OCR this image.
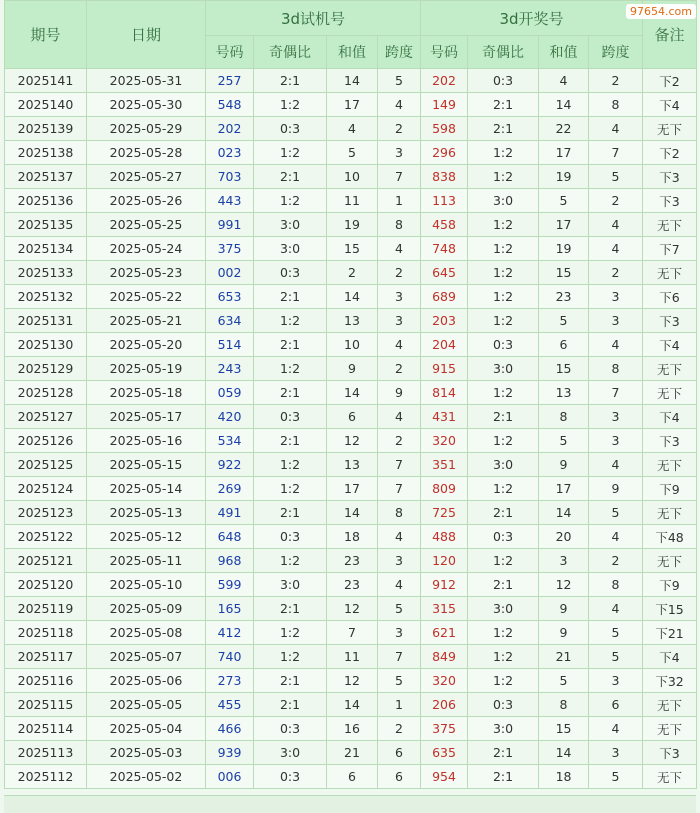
期号	日期	3d试机号				3d开奖号				备注
		号码	奇偶比	和值	跨度	号码	奇偶比	和值	跨度	
2025141	2025-05-31	257	2:1	14	5	202	0:3	4	2	下2
2025140	2025-05-30	548	1:2	17	4	149	2:1	14	8	下4
2025139	2025-05-29	202	0:3	4	2	598	2:1	22	4	无下
2025138	2025-05-28	023	1:2	5	3	296	1:2	17	7	下2
2025137	2025-05-27	703	2:1	10	7	838	1:2	19	5	下3
2025136	2025-05-26	443	1:2	11	1	113	3:0	5	2	下3
2025135	2025-05-25	991	3:0	19	8	458	1:2	17	4	无下
2025134	2025-05-24	375	3:0	15	4	748	1:2	19	4	下7
2025133	2025-05-23	002	0:3	2	2	645	1:2	15	2	无下
2025132	2025-05-22	653	2:1	14	3	689	1:2	23	3	下6
2025131	2025-05-21	634	1:2	13	3	203	1:2	5	3	下3
2025130	2025-05-20	514	2:1	10	4	204	0:3	6	4	下4
2025129	2025-05-19	243	1:2	9	2	915	3:0	15	8	无下
2025128	2025-05-18	059	2:1	14	9	814	1:2	13	7	无下
2025127	2025-05-17	420	0:3	6	4	431	2:1	8	3	下4
2025126	2025-05-16	534	2:1	12	2	320	1:2	5	3	下3
2025125	2025-05-15	922	1:2	13	7	351	3:0	9	4	无下
2025124	2025-05-14	269	1:2	17	7	809	1:2	17	9	下9
2025123	2025-05-13	491	2:1	14	8	725	2:1	14	5	无下
2025122	2025-05-12	648	0:3	18	4	488	0:3	20	4	下48
2025121	2025-05-11	968	1:2	23	3	120	1:2	3	2	无下
2025120	2025-05-10	599	3:0	23	4	912	2:1	12	8	下9
2025119	2025-05-09	165	2:1	12	5	315	3:0	9	4	下15
2025118	2025-05-08	412	1:2	7	3	621	1:2	9	5	下21
2025117	2025-05-07	740	1:2	11	7	849	1:2	21	5	下4
2025116	2025-05-06	273	2:1	12	5	320	1:2	5	3	下32
2025115	2025-05-05	455	2:1	14	1	206	0:3	8	6	无下
2025114	2025-05-04	466	0:3	16	2	375	3:0	15	4	无下
2025113	2025-05-03	939	3:0	21	6	635	2:1	14	3	下3
2025112	2025-05-02	006	0:3	6	6	954	2:1	18	5	无下
97654.com
